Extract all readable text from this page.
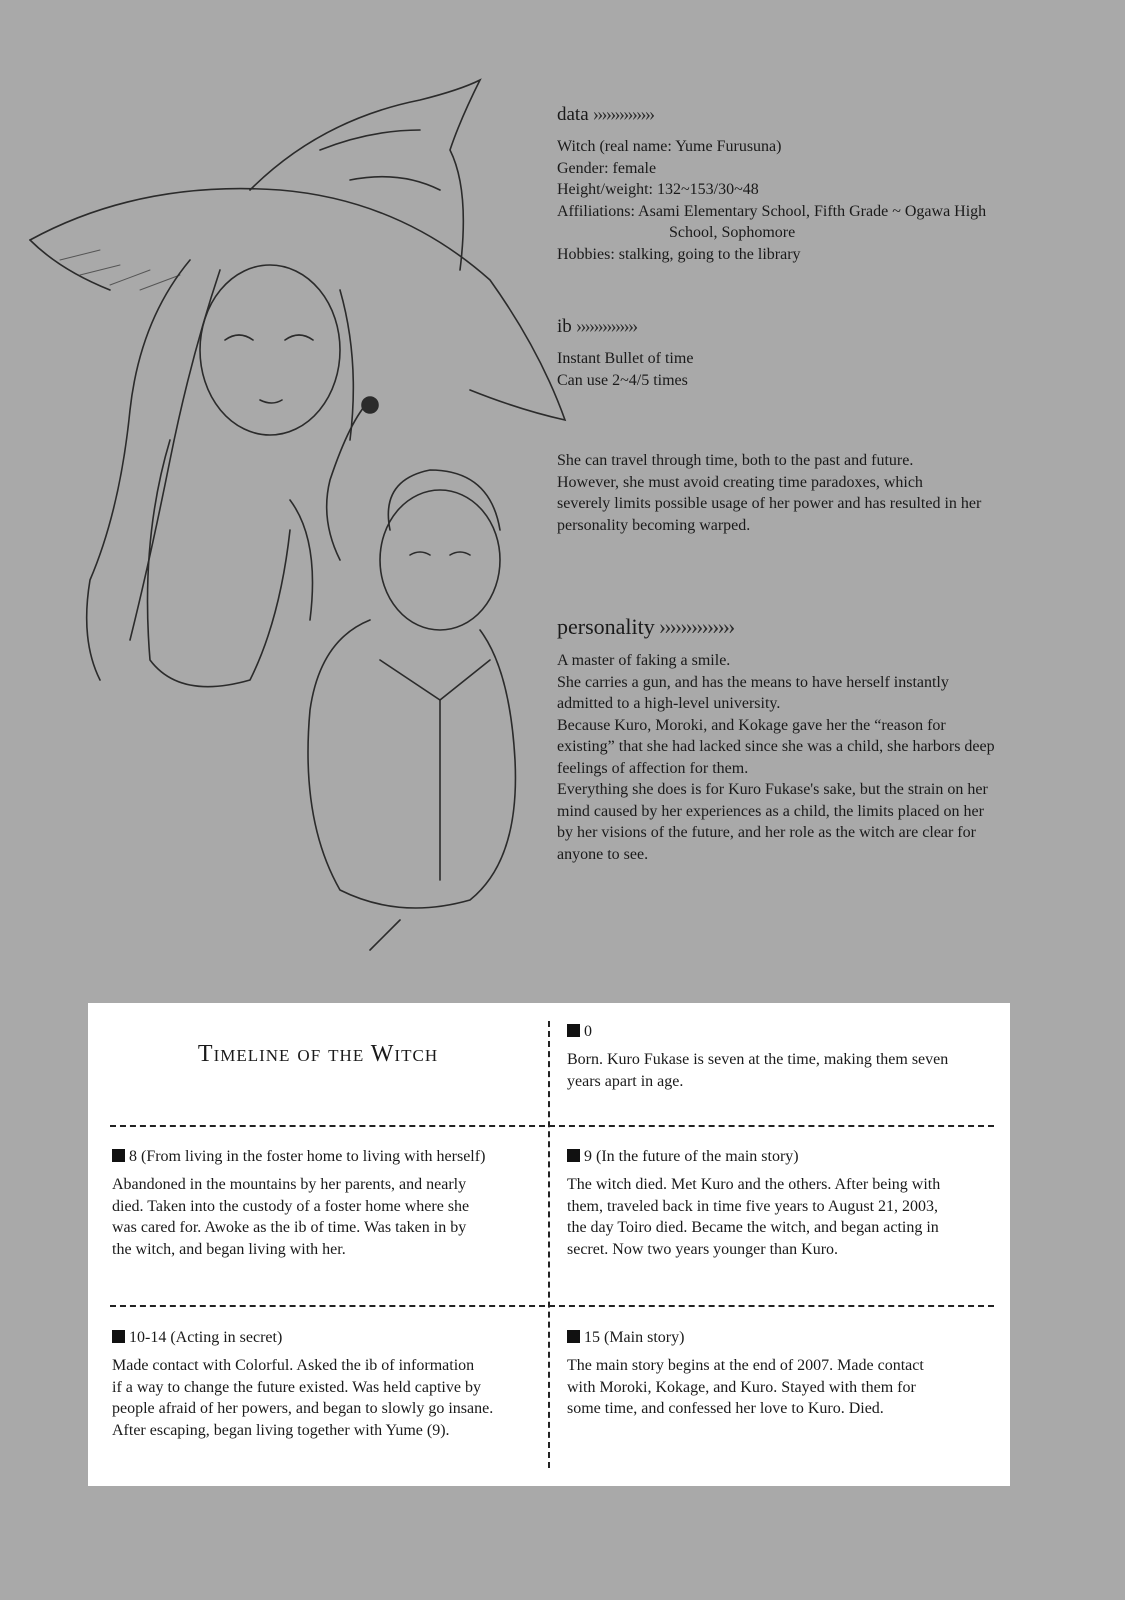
data ››››››››››››››

Witch (real name: Yume Furusuna)

Gender: female

Height/weight: 132~153/30~48

Affiliations: Asami Elementary School, Fifth Grade ~ Ogawa High

School, Sophomore

Hobbies: stalking, going to the library

ib ››››››››››››››

Instant Bullet of time

Can use 2~4/5 times

She can travel through time, both to the past and future.

However, she must avoid creating time paradoxes, which

severely limits possible usage of her power and has resulted in her

personality becoming warped.

personality ››››››››››››››

A master of faking a smile.

She carries a gun, and has the means to have herself instantly

admitted to a high-level university.

Because Kuro, Moroki, and Kokage gave her the “reason for

existing” that she had lacked since she was a child, she harbors deep

feelings of affection for them.

Everything she does is for Kuro Fukase's sake, but the strain on her

mind caused by her experiences as a child, the limits placed on her

by her visions of the future, and her role as the witch are clear for

anyone to see.

Timeline of the Witch

0

Born. Kuro Fukase is seven at the time, making them seven

years apart in age.

8 (From living in the foster home to living with herself)

Abandoned in the mountains by her parents, and nearly

died. Taken into the custody of a foster home where she

was cared for. Awoke as the ib of time. Was taken in by

the witch, and began living with her.

9 (In the future of the main story)

The witch died. Met Kuro and the others. After being with

them, traveled back in time five years to August 21, 2003,

the day Toiro died. Became the witch, and began acting in

secret. Now two years younger than Kuro.

10-14 (Acting in secret)

Made contact with Colorful. Asked the ib of information

if a way to change the future existed. Was held captive by

people afraid of her powers, and began to slowly go insane.

After escaping, began living together with Yume (9).

15 (Main story)

The main story begins at the end of 2007. Made contact

with Moroki, Kokage, and Kuro. Stayed with them for

some time, and confessed her love to Kuro. Died.
